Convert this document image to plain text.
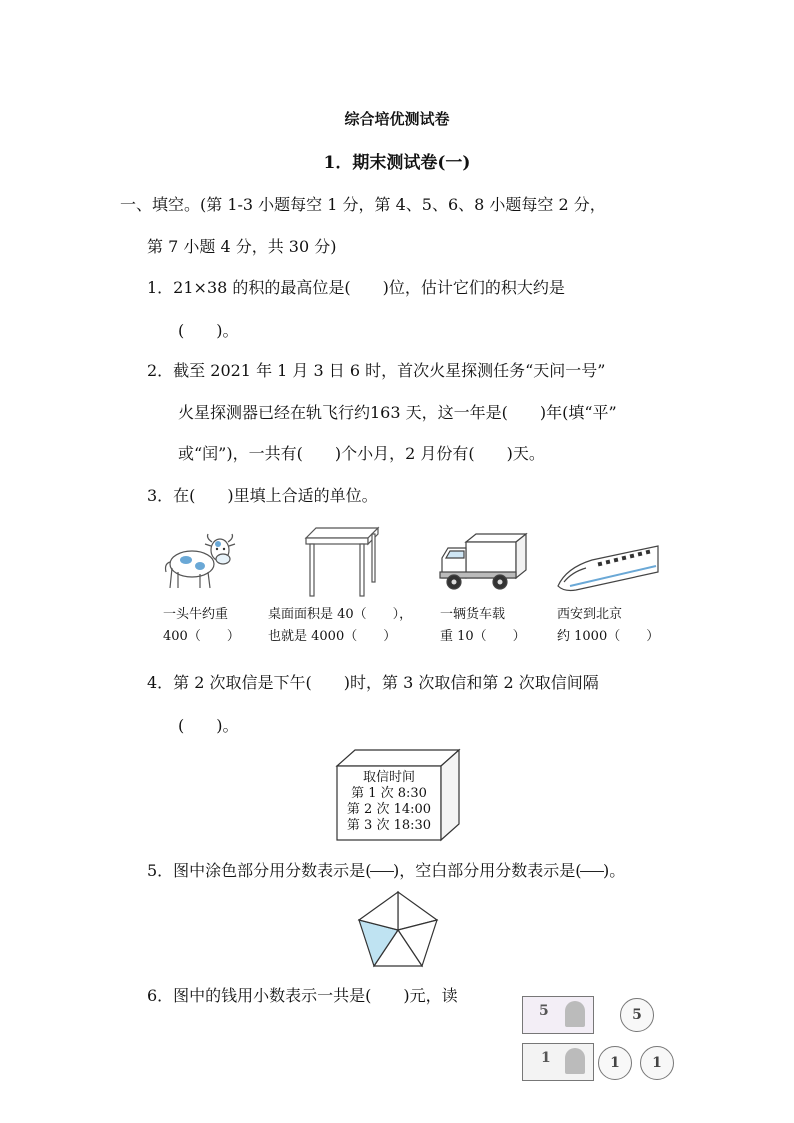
综合培优测试卷
1．期末测试卷(一)
一、填空。(第 1-3 小题每空 1 分，第 4、5、6、8 小题每空 2 分，
第 7 小题 4 分，共 30 分)
1．21×38 的积的最高位是(　　)位，估计它们的积大约是
(　　)。
2．截至 2021 年 1 月 3 日 6 时，首次火星探测任务“天问一号”
火星探测器已经在轨飞行约163 天，这一年是(　　)年(填“平”
或“闰”)，一共有(　　)个小月，2 月份有(　　)天。
3．在(　　)里填上合适的单位。
一头牛约重
400（　　）
桌面面积是 40（　　），
也就是 4000（　　）
一辆货车载
重 10（　　）
西安到北京
约 1000（　　）
4．第 2 次取信是下午(　　)时，第 3 次取信和第 2 次取信间隔
(　　)。
取信时间
第 1 次 8:30
第 2 次 14:00
第 3 次 18:30
5．图中涂色部分用分数表示是 ( ) ，空白部分用分数表示是 ( ) 。
6．图中的钱用小数表示一共是(　　)元，读
5	5
1	1	1
